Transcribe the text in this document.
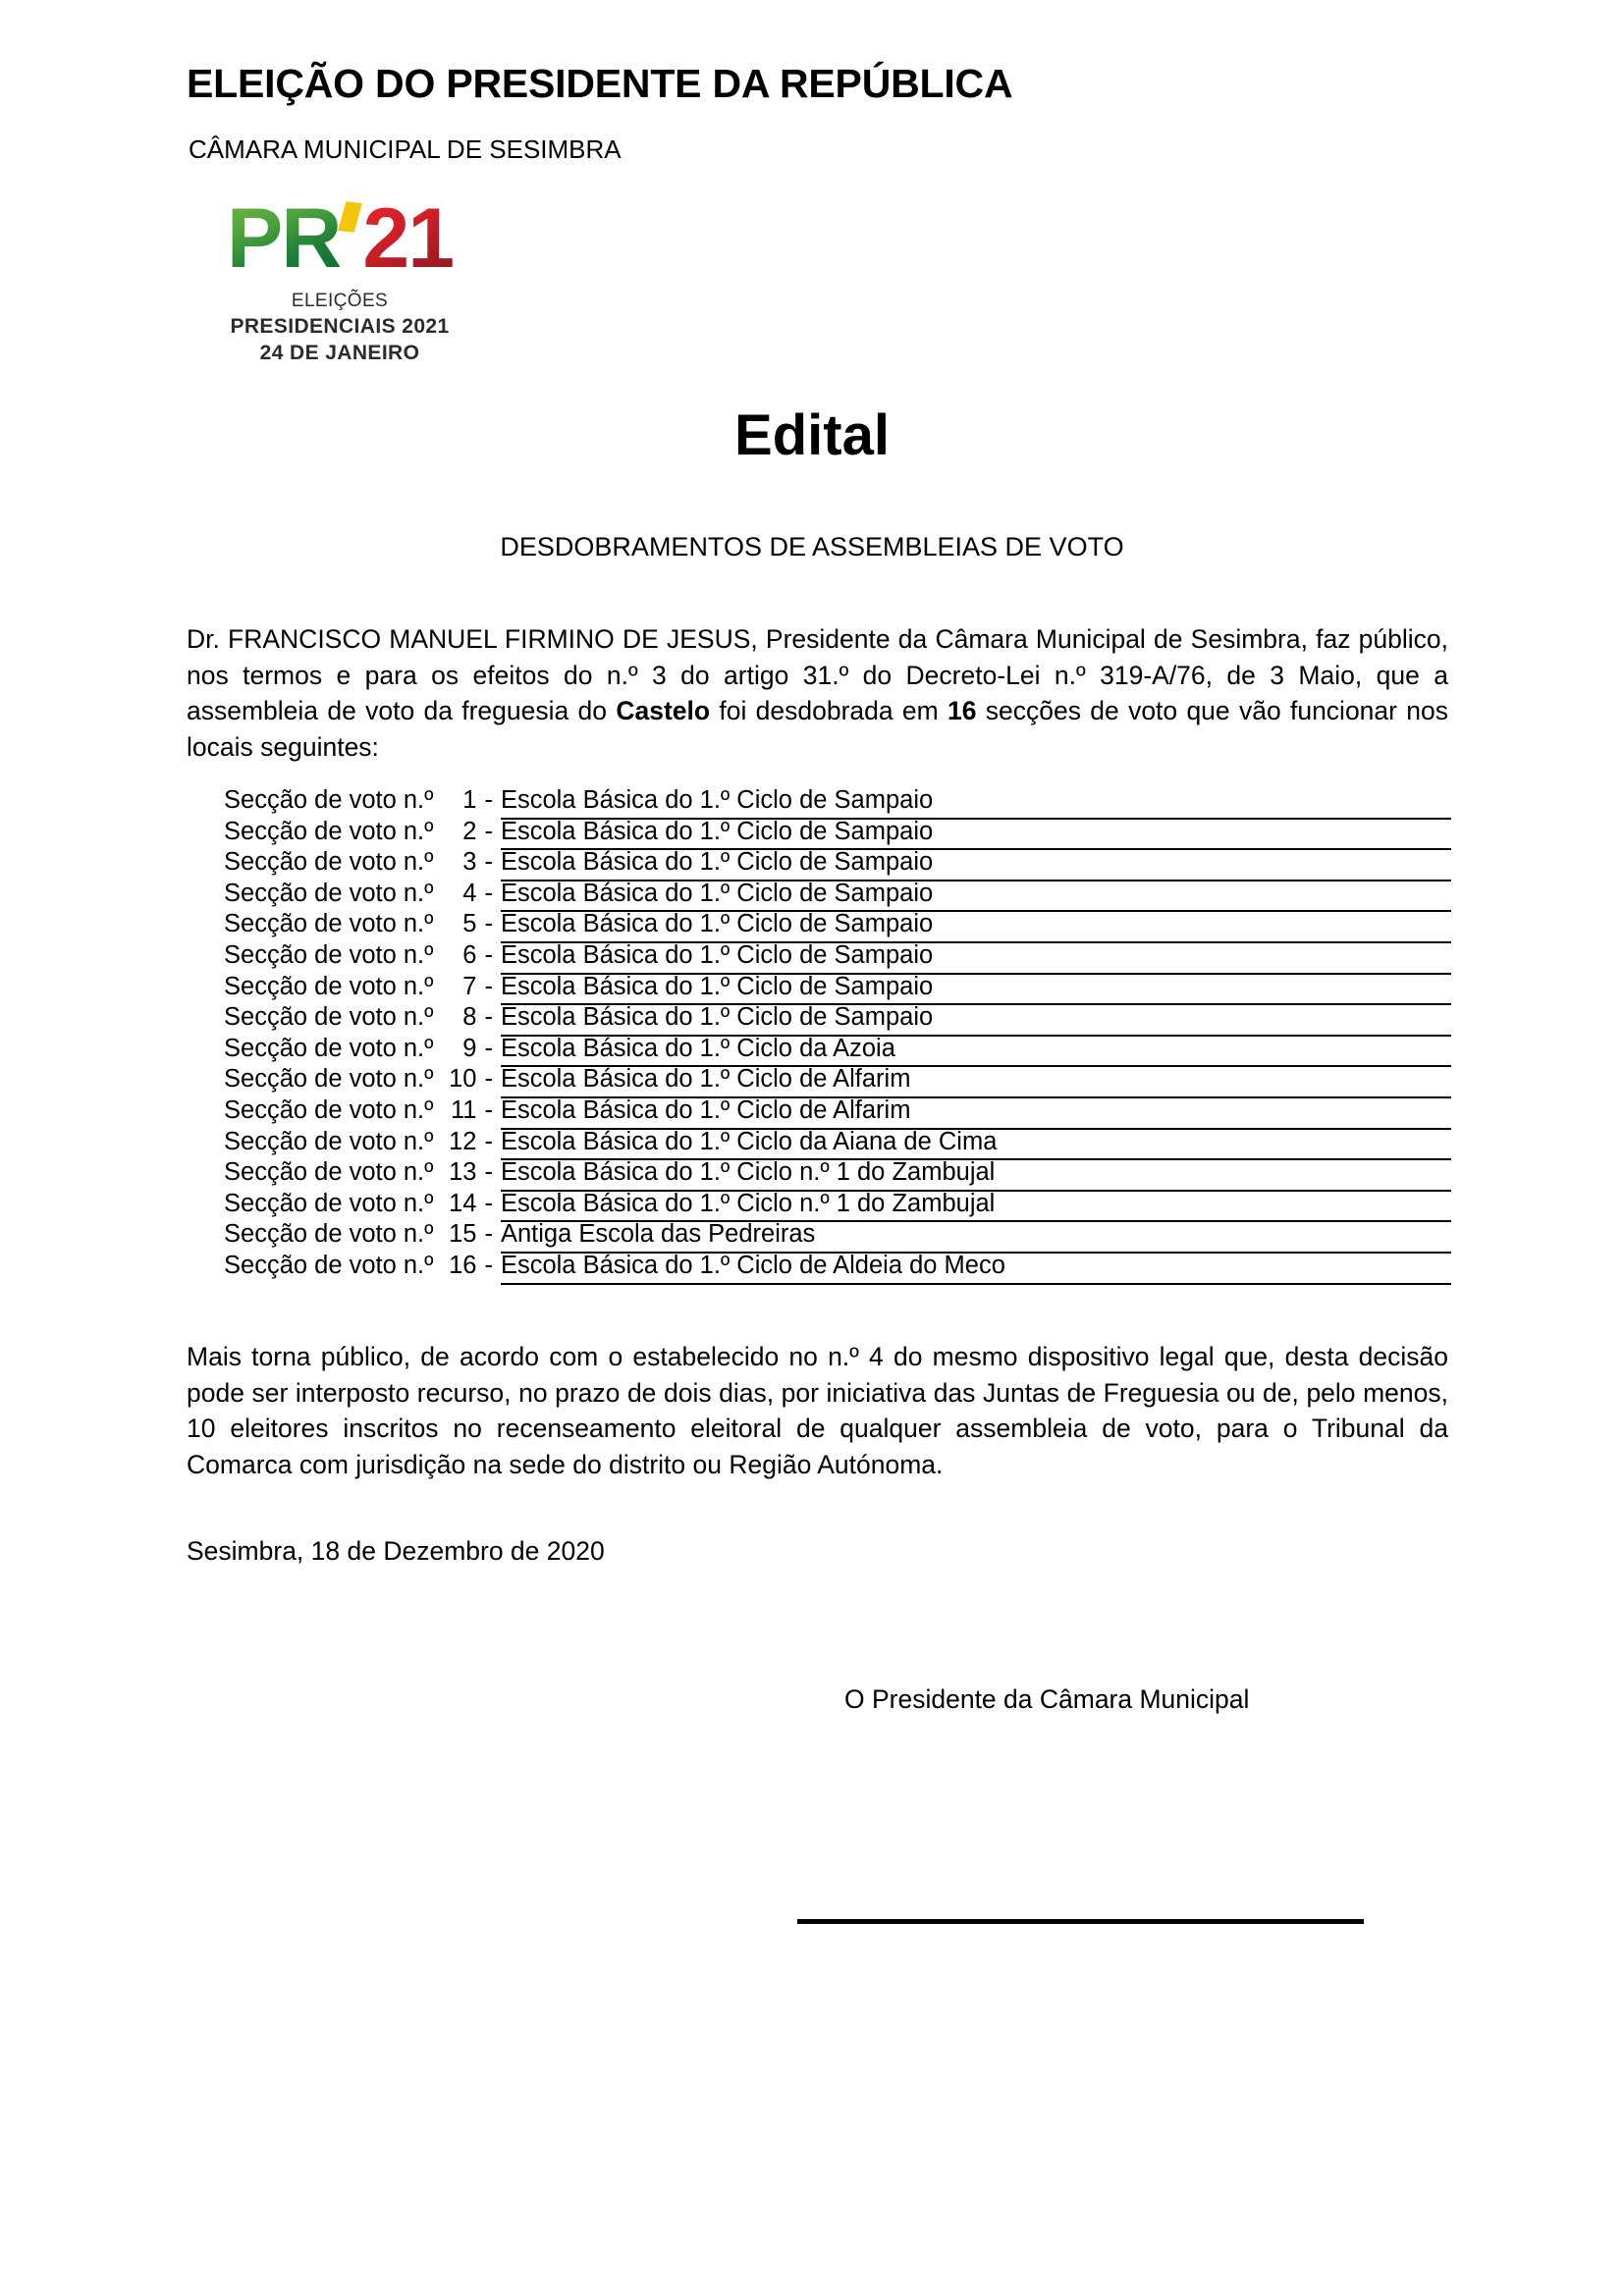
ELEIÇÃO DO PRESIDENTE DA REPÚBLICA
CÂMARA MUNICIPAL DE SESIMBRA
PR 21
ELEIÇÕES
PRESIDENCIAIS 2021
24 DE JANEIRO
Edital
DESDOBRAMENTOS DE ASSEMBLEIAS DE VOTO
Dr. FRANCISCO MANUEL FIRMINO DE JESUS, Presidente da Câmara Municipal de Sesimbra, faz público, nos termos e para os efeitos do n.º 3 do artigo 31.º do Decreto-Lei n.º 319-A/76, de 3 Maio, que a assembleia de voto da freguesia do Castelo foi desdobrada em 16 secções de voto que vão funcionar nos locais seguintes:
Secção de voto n.º	1 - Escola Básica do 1.º Ciclo de Sampaio
Secção de voto n.º	2 - Escola Básica do 1.º Ciclo de Sampaio
Secção de voto n.º	3 - Escola Básica do 1.º Ciclo de Sampaio
Secção de voto n.º	4 - Escola Básica do 1.º Ciclo de Sampaio
Secção de voto n.º	5 - Escola Básica do 1.º Ciclo de Sampaio
Secção de voto n.º	6 - Escola Básica do 1.º Ciclo de Sampaio
Secção de voto n.º	7 - Escola Básica do 1.º Ciclo de Sampaio
Secção de voto n.º	8 - Escola Básica do 1.º Ciclo de Sampaio
Secção de voto n.º	9 - Escola Básica do 1.º Ciclo da Azoia
Secção de voto n.º 10 - Escola Básica do 1.º Ciclo de Alfarim
Secção de voto n.º 11 - Escola Básica do 1.º Ciclo de Alfarim
Secção de voto n.º 12 - Escola Básica do 1.º Ciclo da Aiana de Cima
Secção de voto n.º 13 - Escola Básica do 1.º Ciclo n.º 1 do Zambujal
Secção de voto n.º 14 - Escola Básica do 1.º Ciclo n.º 1 do Zambujal
Secção de voto n.º 15 - Antiga Escola das Pedreiras
Secção de voto n.º 16 - Escola Básica do 1.º Ciclo de Aldeia do Meco
Mais torna público, de acordo com o estabelecido no n.º 4 do mesmo dispositivo legal que, desta decisão pode ser interposto recurso, no prazo de dois dias, por iniciativa das Juntas de Freguesia ou de, pelo menos, 10 eleitores inscritos no recenseamento eleitoral de qualquer assembleia de voto, para o Tribunal da Comarca com jurisdição na sede do distrito ou Região Autónoma.
Sesimbra, 18 de Dezembro de 2020
O Presidente da Câmara Municipal
